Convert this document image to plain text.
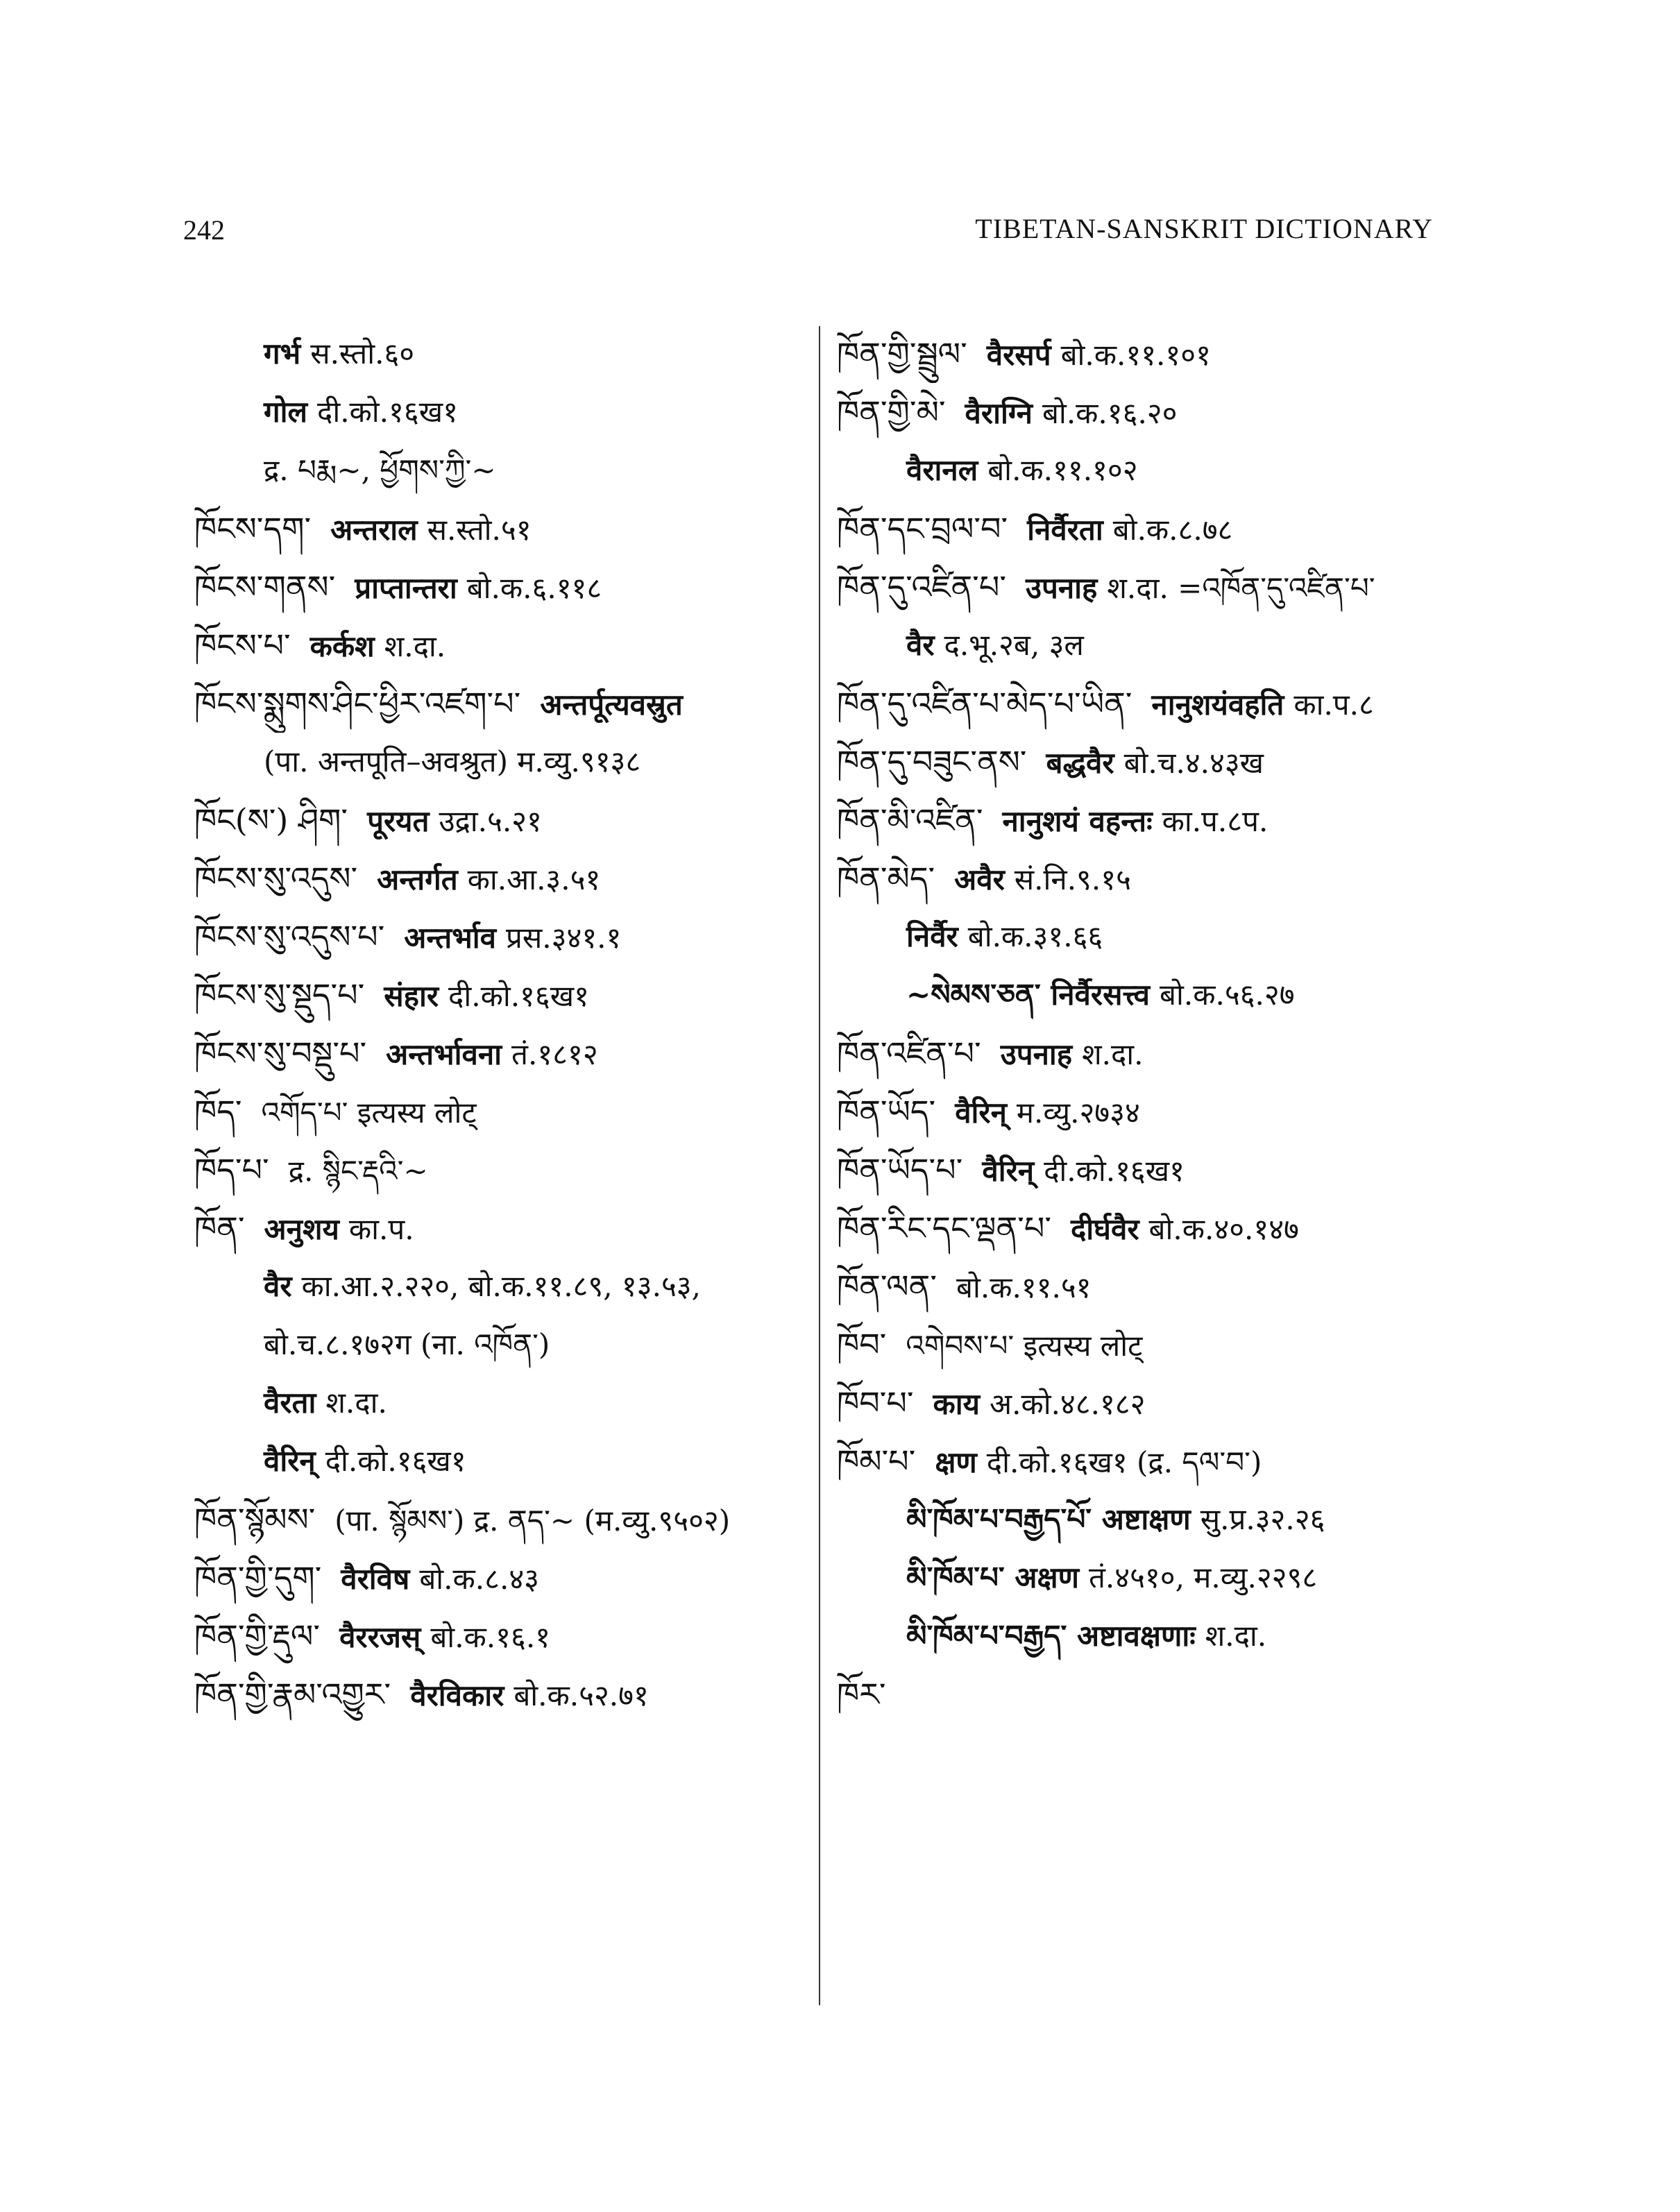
242	TIBETAN-SANSKRIT DICTIONARY
गर्भ स.स्तो.६०
गोल दी.को.१६ख१
द्र. པརྨ~, ཕྱོགས་ཀྱི་~
ཁོངས་དག་ अन्तराल स.स्तो.५१
ཁོངས་གནས་ प्राप्तान्तरा बो.क.६.११८
ཁོངས་པ་ कर्कश श.दा.
ཁོངས་སྨུགས་ཤིང་ཕྱིར་འཛག་པ་ अन्तर्पूत्यवस्रुत
(पा. अन्तपूति–अवश्रुत) म.व्यु.९१३८
ཁོང(ས་) ཤིག་ पूरयत उद्रा.५.२१
ཁོངས་སུ་འདུས་ अन्तर्गत का.आ.३.५१
ཁོངས་སུ་འདུས་པ་ अन्तर्भाव प्रस.३४१.१
ཁོངས་སུ་སྡུད་པ་ संहार दी.को.१६ख१
ཁོངས་སུ་བསྡུ་པ་ अन्तर्भावना तं.१८१२
ཁོད་ འགོད་པ་ इत्यस्य लोट्
ཁོད་པ་ द्र. སྙིང་རྡའི་~
ཁོན་ अनुशय का.प.
वैर का.आ.२.२२०, बो.क.११.८९, १३.५३,
बो.च.८.१७२ग (ना. འཁོན་)
वैरता श.दा.
वैरिन् दी.को.१६ख१
ཁོན་སྙོམས་ (पा. སྙོམས་) द्र. ནད་~ (म.व्यु.९५०२)
ཁོན་གྱི་དུག་ वैरविष बो.क.८.४३
ཁོན་གྱི་རྡུལ་ वैररजस् बो.क.१६.१
ཁོན་གྱི་རྣམ་འགྱུར་ वैरविकार बो.क.५२.७१
ཁོན་གྱི་སྦྲུལ་ वैरसर्प बो.क.११.१०१
ཁོན་གྱི་མེ་ वैराग्नि बो.क.१६.२०
वैरानल बो.क.११.१०२
ཁོན་དང་བྲལ་བ་ निर्वैरता बो.क.८.७८
ཁོན་དུ་འཛིན་པ་ उपनाह श.दा. =འཁོན་དུ་འཛིན་པ་
वैर द.भू.२ब, ३ल
ཁོན་དུ་འཛིན་པ་མེད་པ་ཡིན་ नानुशयंवहति का.प.८
ཁོན་དུ་བཟུང་ནས་ बद्धवैर बो.च.४.४३ख
ཁོན་མི་འཛིན་ नानुशयं वहन्तः का.प.८प.
ཁོན་མེད་ अवैर सं.नि.९.१५
निर्वैर बो.क.३१.६६
~སེམས་ཅན་ निर्वैरसत्त्व बो.क.५६.२७
ཁོན་འཛིན་པ་ उपनाह श.दा.
ཁོན་ཡོད་ वैरिन् म.व्यु.२७३४
ཁོན་ཡོད་པ་ वैरिन् दी.को.१६ख१
ཁོན་རིང་དང་ལྡན་པ་ दीर्घवैर बो.क.४०.१४७
ཁོན་ལན་ बो.क.११.५१
ཁོབ་ འགེབས་པ་ इत्यस्य लोट्
ཁོབ་པ་ काय अ.को.४८.१८२
ཁོམ་པ་ क्षण दी.को.१६ख१ (द्र. དལ་བ་)
མི་ཁོམ་པ་བརྒྱད་པོ་ अष्टाक्षण सु.प्र.३२.२६
མི་ཁོམ་པ་ अक्षण तं.४५१०, म.व्यु.२२९८
མི་ཁོམ་པ་བརྒྱད་ अष्टावक्षणाः श.दा.
ཁོར་
